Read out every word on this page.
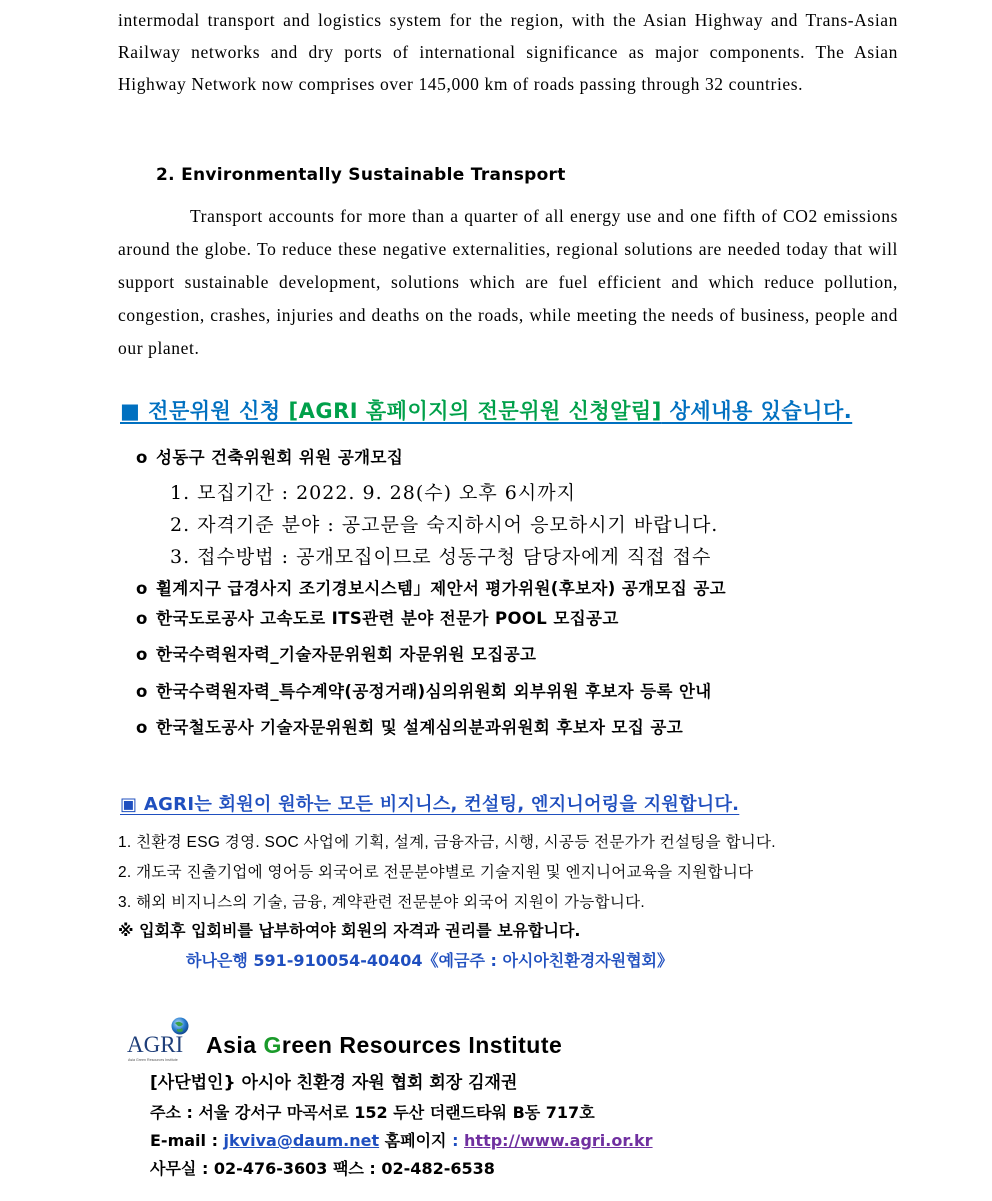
intermodal transport and logistics system for the region, with the Asian Highway and Trans-Asian Railway networks and dry ports of international significance as major components. The Asian Highway Network now comprises over 145,000 km of roads passing through 32 countries.
2. Environmentally Sustainable Transport
Transport accounts for more than a quarter of all energy use and one fifth of CO2 emissions around the globe. To reduce these negative externalities, regional solutions are needed today that will support sustainable development, solutions which are fuel efficient and which reduce pollution, congestion, crashes, injuries and deaths on the roads, while meeting the needs of business, people and our planet.
■ 전문위원 신청 [AGRI 홈페이지의 전문위원 신청알림] 상세내용 있습니다.
o 성동구 건축위원회 위원 공개모집
1. 모집기간 : 2022. 9. 28(수) 오후 6시까지
2. 자격기준 분야 : 공고문을 숙지하시어 응모하시기 바랍니다.
3. 접수방법 : 공개모집이므로 성동구청 담당자에게 직접 접수
o 휠계지구 급경사지 조기경보시스템」제안서 평가위원(후보자) 공개모집 공고
o 한국도로공사 고속도로 ITS관련 분야 전문가 POOL 모집공고
o 한국수력원자력_기술자문위원회 자문위원 모집공고
o 한국수력원자력_특수계약(공정거래)심의위원회 외부위원 후보자 등록 안내
o 한국철도공사 기술자문위원회 및 설계심의분과위원회 후보자 모집 공고
▣ AGRI는 회원이 원하는 모든 비지니스, 컨설팅, 엔지니어링을 지원합니다.
1. 친환경 ESG 경영. SOC 사업에 기획, 설계, 금융자금, 시행, 시공등 전문가가 컨설팅을 합니다.
2. 개도국 진출기업에 영어등 외국어로 전문분야별로 기술지원 및 엔지니어교육을 지원합니다
3. 해외 비지니스의 기술, 금융, 계약관련 전문분야 외국어 지원이 가능합니다.
※ 입회후 입회비를 납부하여야 회원의 자격과 권리를 보유합니다.
하나은행 591-910054-40404《예금주 : 아시아친환경자원협회》
AGRI
Asia Green Resources Institute
Asia Green Resources Institute
[사단법인} 아시아 친환경 자원 협회 회장 김재권
주소 : 서울 강서구 마곡서로 152 두산 더랜드타워 B동 717호
E-mail : jkviva@daum.net 홈페이지 : http://www.agri.or.kr
사무실 : 02-476-3603 팩스 : 02-482-6538
